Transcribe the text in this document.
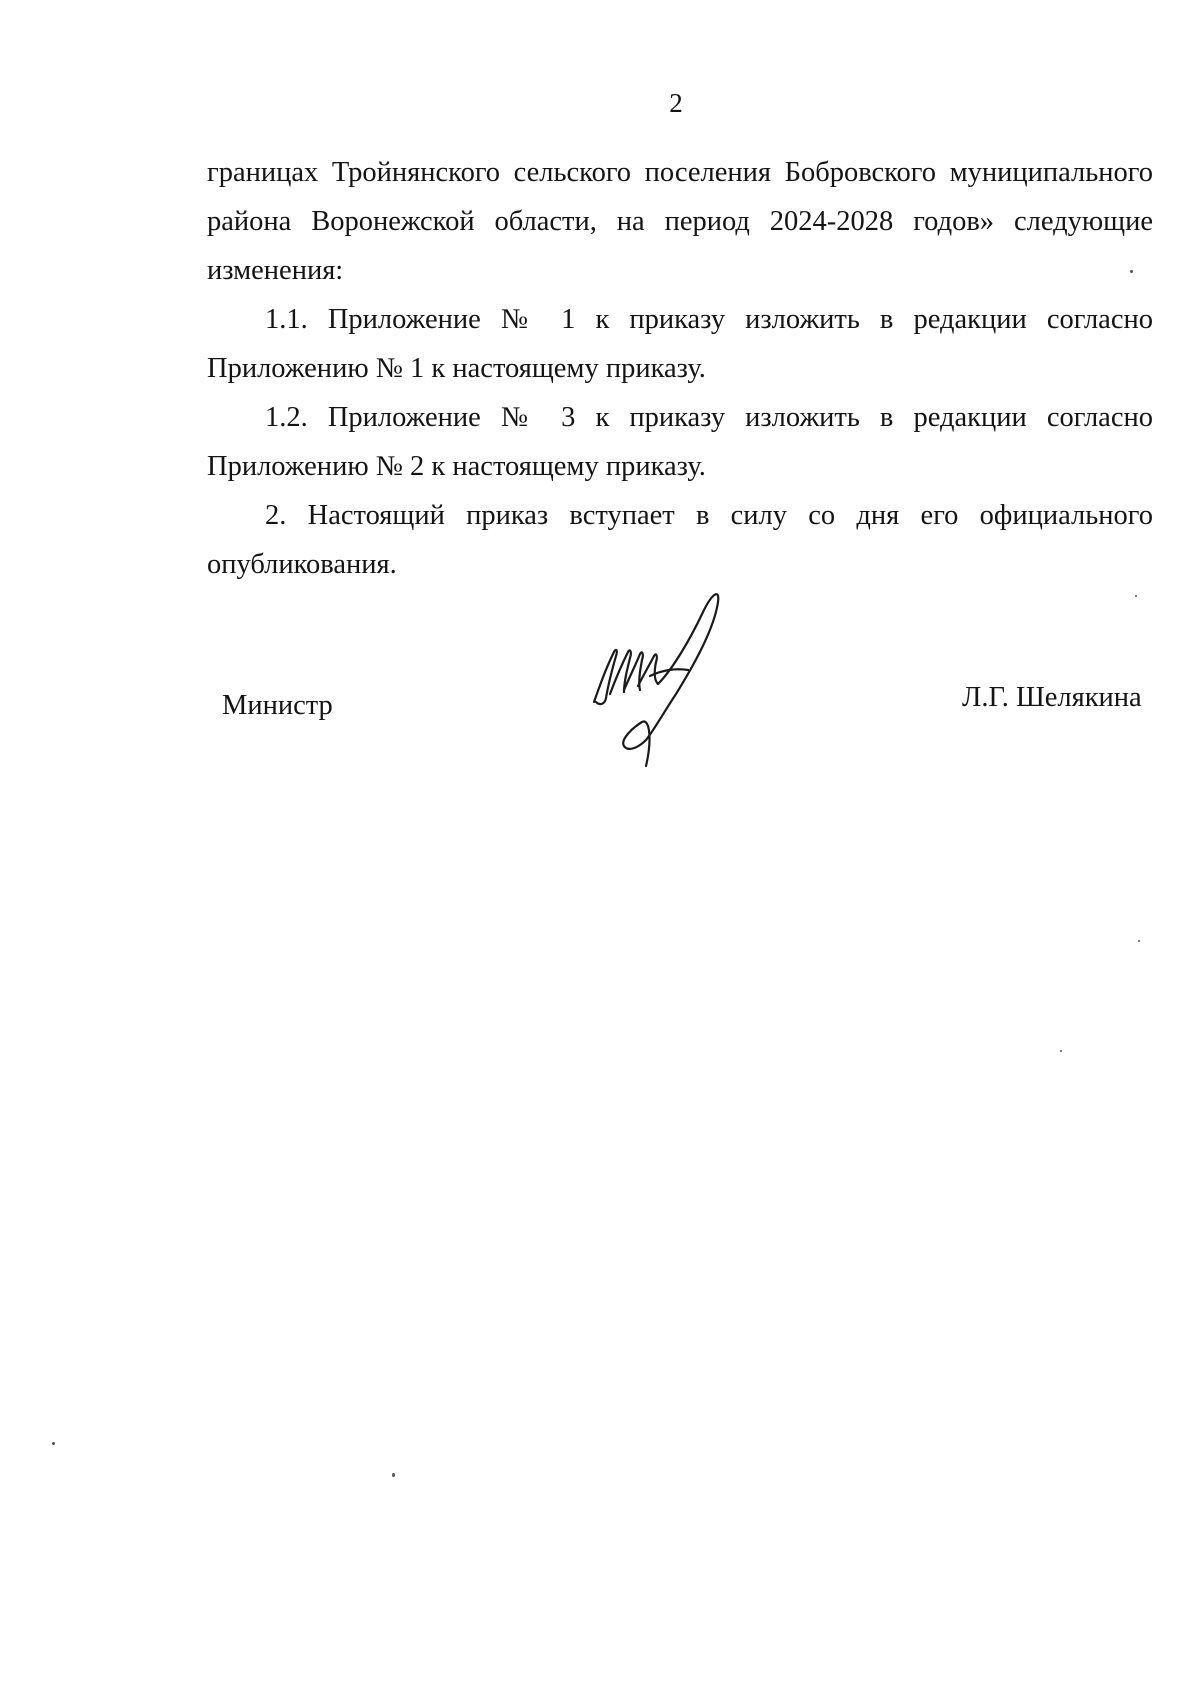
2

границах Тройнянского сельского поселения Бобровского муниципального района Воронежской области, на период 2024-2028 годов» следующие изменения:

1.1. Приложение № 1 к приказу изложить в редакции согласно Приложению № 1 к настоящему приказу.

1.2. Приложение № 3 к приказу изложить в редакции согласно Приложению № 2 к настоящему приказу.

2. Настоящий приказ вступает в силу со дня его официального опубликования.

Министр	Л.Г. Шелякина
